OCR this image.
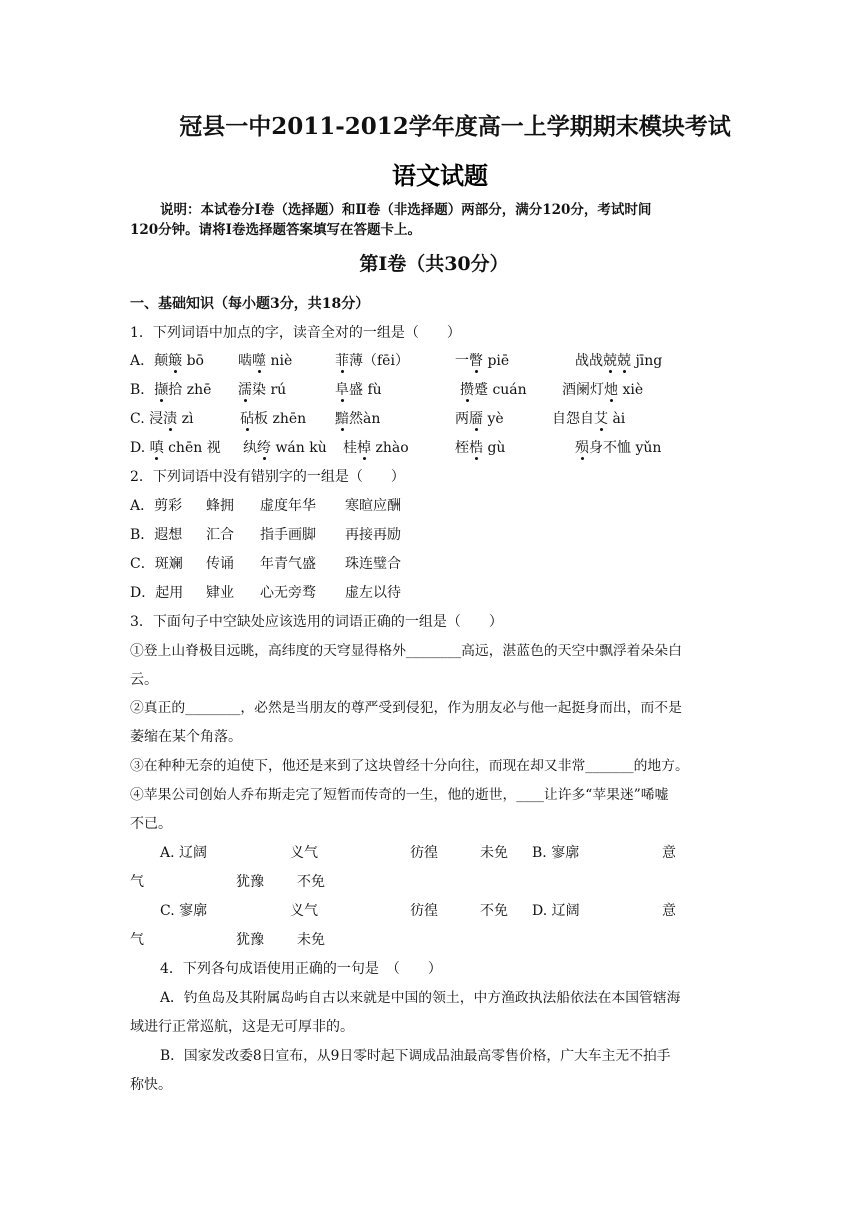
冠县一中2011-2012学年度高一上学期期末模块考试
语文试题
说明：本试卷分Ⅰ卷（选择题）和Ⅱ卷（非选择题）两部分，满分120分，考试时间
120分钟。请将Ⅰ卷选择题答案填写在答题卡上。
第Ⅰ卷（共30分）
一、基础知识（每小题3分，共18分）
1．下列词语中加点的字，读音全对的一组是（　　）
A．颠簸 bō 啮噬 niè	菲薄（fēi）	一瞥 piē	战战兢兢 jīng
B．撷拾 zhē 濡染 rú	阜盛 fù	攒蹙 cuán	酒阑灯灺 xiè
C. 浸渍 zì	砧板 zhēn 黯然àn	两靥 yè	自怨自艾 ài
D. 嗔 chēn 视 纨绔 wán kù 桂棹 zhào	桎梏 gù	殒身不恤 yǔn
2．下列词语中没有错别字的一组是（　　）
A．剪彩 蜂拥 虚度年华 寒暄应酬
B．遐想 汇合 指手画脚 再接再励
C．斑斓 传诵 年青气盛 珠连璧合
D．起用 肄业 心无旁骛 虚左以待
3．下面句子中空缺处应该选用的词语正确的一组是（　　）
①登上山脊极目远眺，高纬度的天穹显得格外________高远，湛蓝色的天空中飘浮着朵朵白
云。
②真正的________，必然是当朋友的尊严受到侵犯，作为朋友必与他一起挺身而出，而不是
萎缩在某个角落。
③在种种无奈的迫使下，他还是来到了这块曾经十分向往，而现在却又非常_______的地方。
④苹果公司创始人乔布斯走完了短暂而传奇的一生，他的逝世，____让许多“苹果迷”唏嘘
不已。
A. 辽阔	义气	彷徨	未免 B. 寥廓	意
气	犹豫 不免
C. 寥廓	义气	彷徨	不免 D. 辽阔	意
气	犹豫 未免
4．下列各句成语使用正确的一句是　（　　）
A．钓鱼岛及其附属岛屿自古以来就是中国的领土，中方渔政执法船依法在本国管辖海
域进行正常巡航，这是无可厚非的。
B．国家发改委8日宣布，从9日零时起下调成品油最高零售价格，广大车主无不拍手
称快。
